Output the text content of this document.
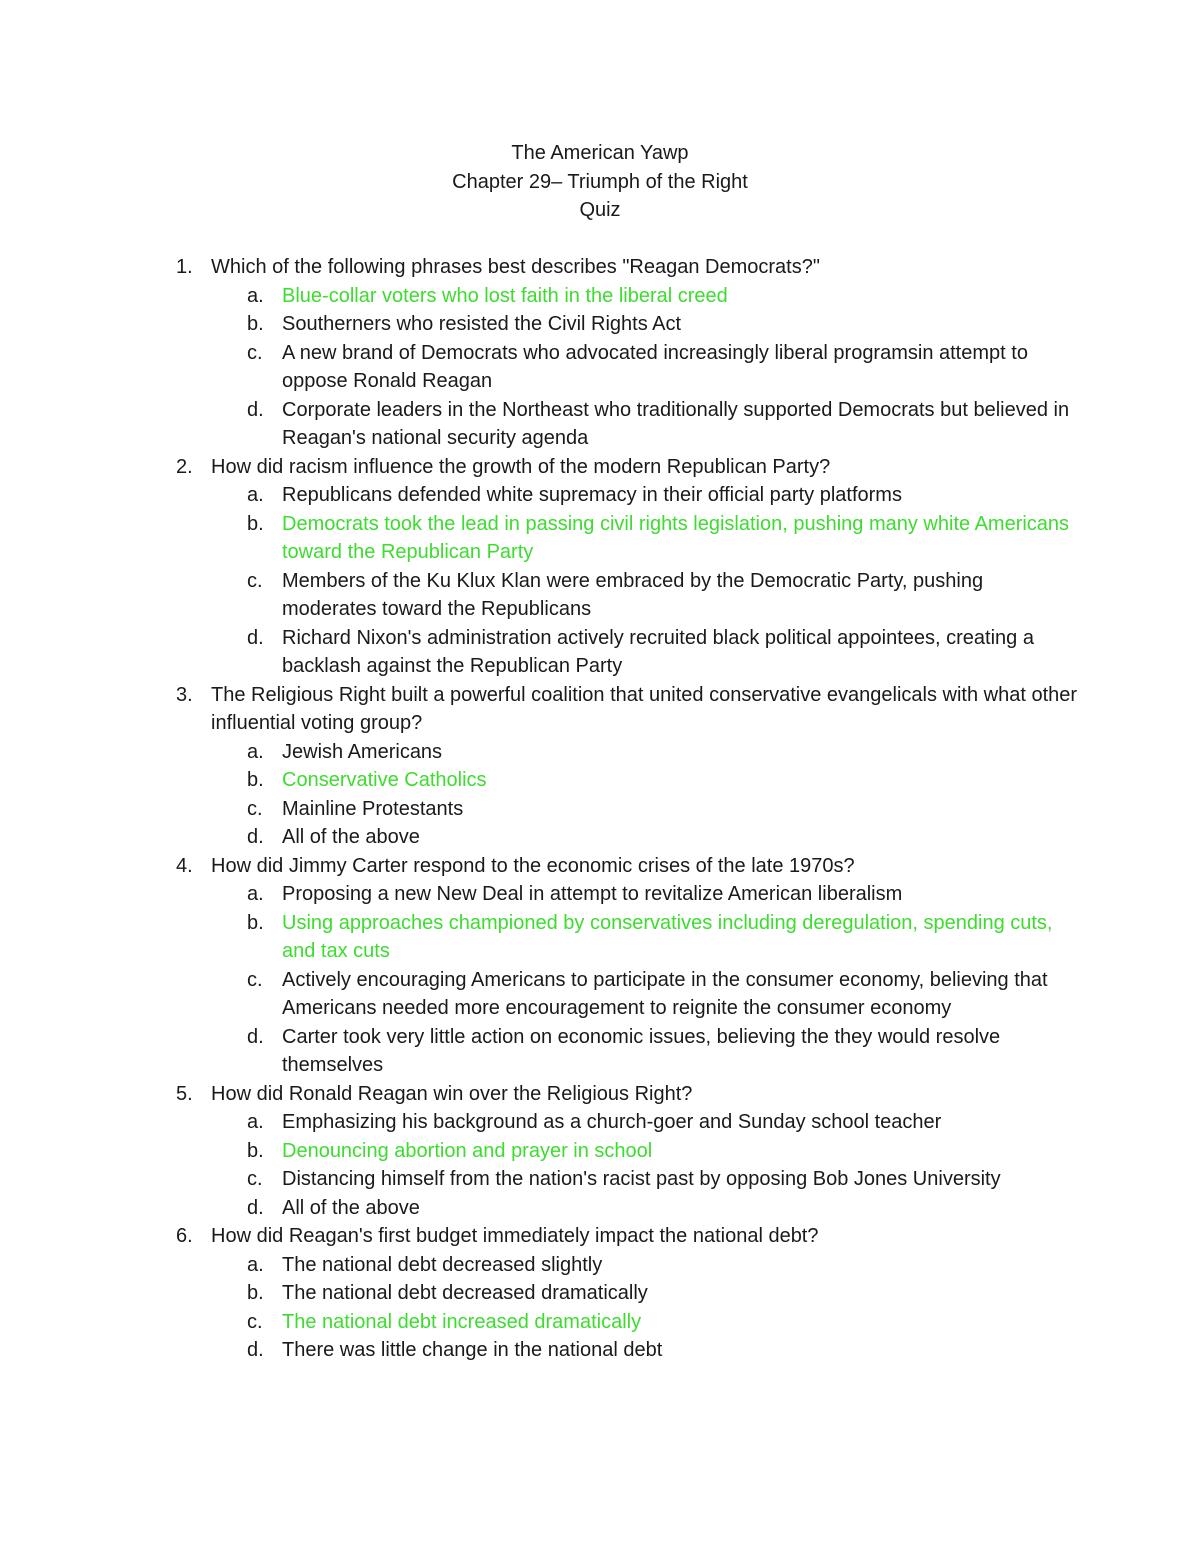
The American Yawp
Chapter 29– Triumph of the Right
Quiz
1. Which of the following phrases best describes "Reagan Democrats?"
a. Blue-collar voters who lost faith in the liberal creed
b. Southerners who resisted the Civil Rights Act
c. A new brand of Democrats who advocated increasingly liberal programsin attempt to oppose Ronald Reagan
d. Corporate leaders in the Northeast who traditionally supported Democrats but believed in Reagan's national security agenda
2. How did racism influence the growth of the modern Republican Party?
a. Republicans defended white supremacy in their official party platforms
b. Democrats took the lead in passing civil rights legislation, pushing many white Americans toward the Republican Party
c. Members of the Ku Klux Klan were embraced by the Democratic Party, pushing moderates toward the Republicans
d. Richard Nixon's administration actively recruited black political appointees, creating a backlash against the Republican Party
3. The Religious Right built a powerful coalition that united conservative evangelicals with what other influential voting group?
a. Jewish Americans
b. Conservative Catholics
c. Mainline Protestants
d. All of the above
4. How did Jimmy Carter respond to the economic crises of the late 1970s?
a. Proposing a new New Deal in attempt to revitalize American liberalism
b. Using approaches championed by conservatives including deregulation, spending cuts, and tax cuts
c. Actively encouraging Americans to participate in the consumer economy, believing that Americans needed more encouragement to reignite the consumer economy
d. Carter took very little action on economic issues, believing the they would resolve themselves
5. How did Ronald Reagan win over the Religious Right?
a. Emphasizing his background as a church-goer and Sunday school teacher
b. Denouncing abortion and prayer in school
c. Distancing himself from the nation's racist past by opposing Bob Jones University
d. All of the above
6. How did Reagan's first budget immediately impact the national debt?
a. The national debt decreased slightly
b. The national debt decreased dramatically
c. The national debt increased dramatically
d. There was little change in the national debt
